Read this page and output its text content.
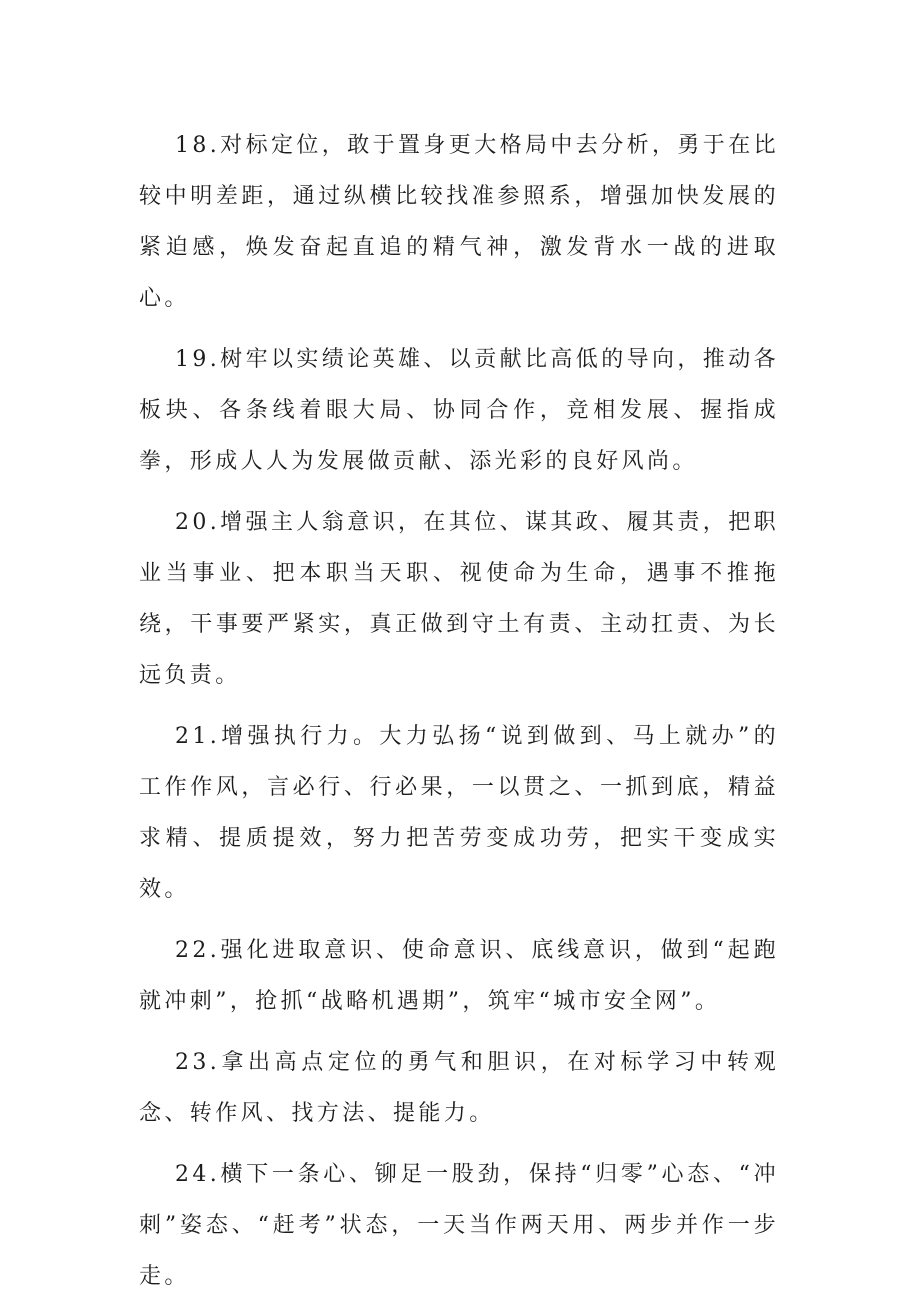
18.对标定位，敢于置身更大格局中去分析，勇于在比较中明差距，通过纵横比较找准参照系，增强加快发展的紧迫感，焕发奋起直追的精气神，激发背水一战的进取心。

19.树牢以实绩论英雄、以贡献比高低的导向，推动各板块、各条线着眼大局、协同合作，竞相发展、握指成拳，形成人人为发展做贡献、添光彩的良好风尚。

20.增强主人翁意识，在其位、谋其政、履其责，把职业当事业、把本职当天职、视使命为生命，遇事不推拖绕，干事要严紧实，真正做到守土有责、主动扛责、为长远负责。

21.增强执行力。大力弘扬“说到做到、马上就办”的工作作风，言必行、行必果，一以贯之、一抓到底，精益求精、提质提效，努力把苦劳变成功劳，把实干变成实效。

22.强化进取意识、使命意识、底线意识，做到“起跑就冲刺”，抢抓“战略机遇期”，筑牢“城市安全网”。

23.拿出高点定位的勇气和胆识，在对标学习中转观念、转作风、找方法、提能力。

24.横下一条心、铆足一股劲，保持“归零”心态、“冲刺”姿态、“赶考”状态，一天当作两天用、两步并作一步走。
